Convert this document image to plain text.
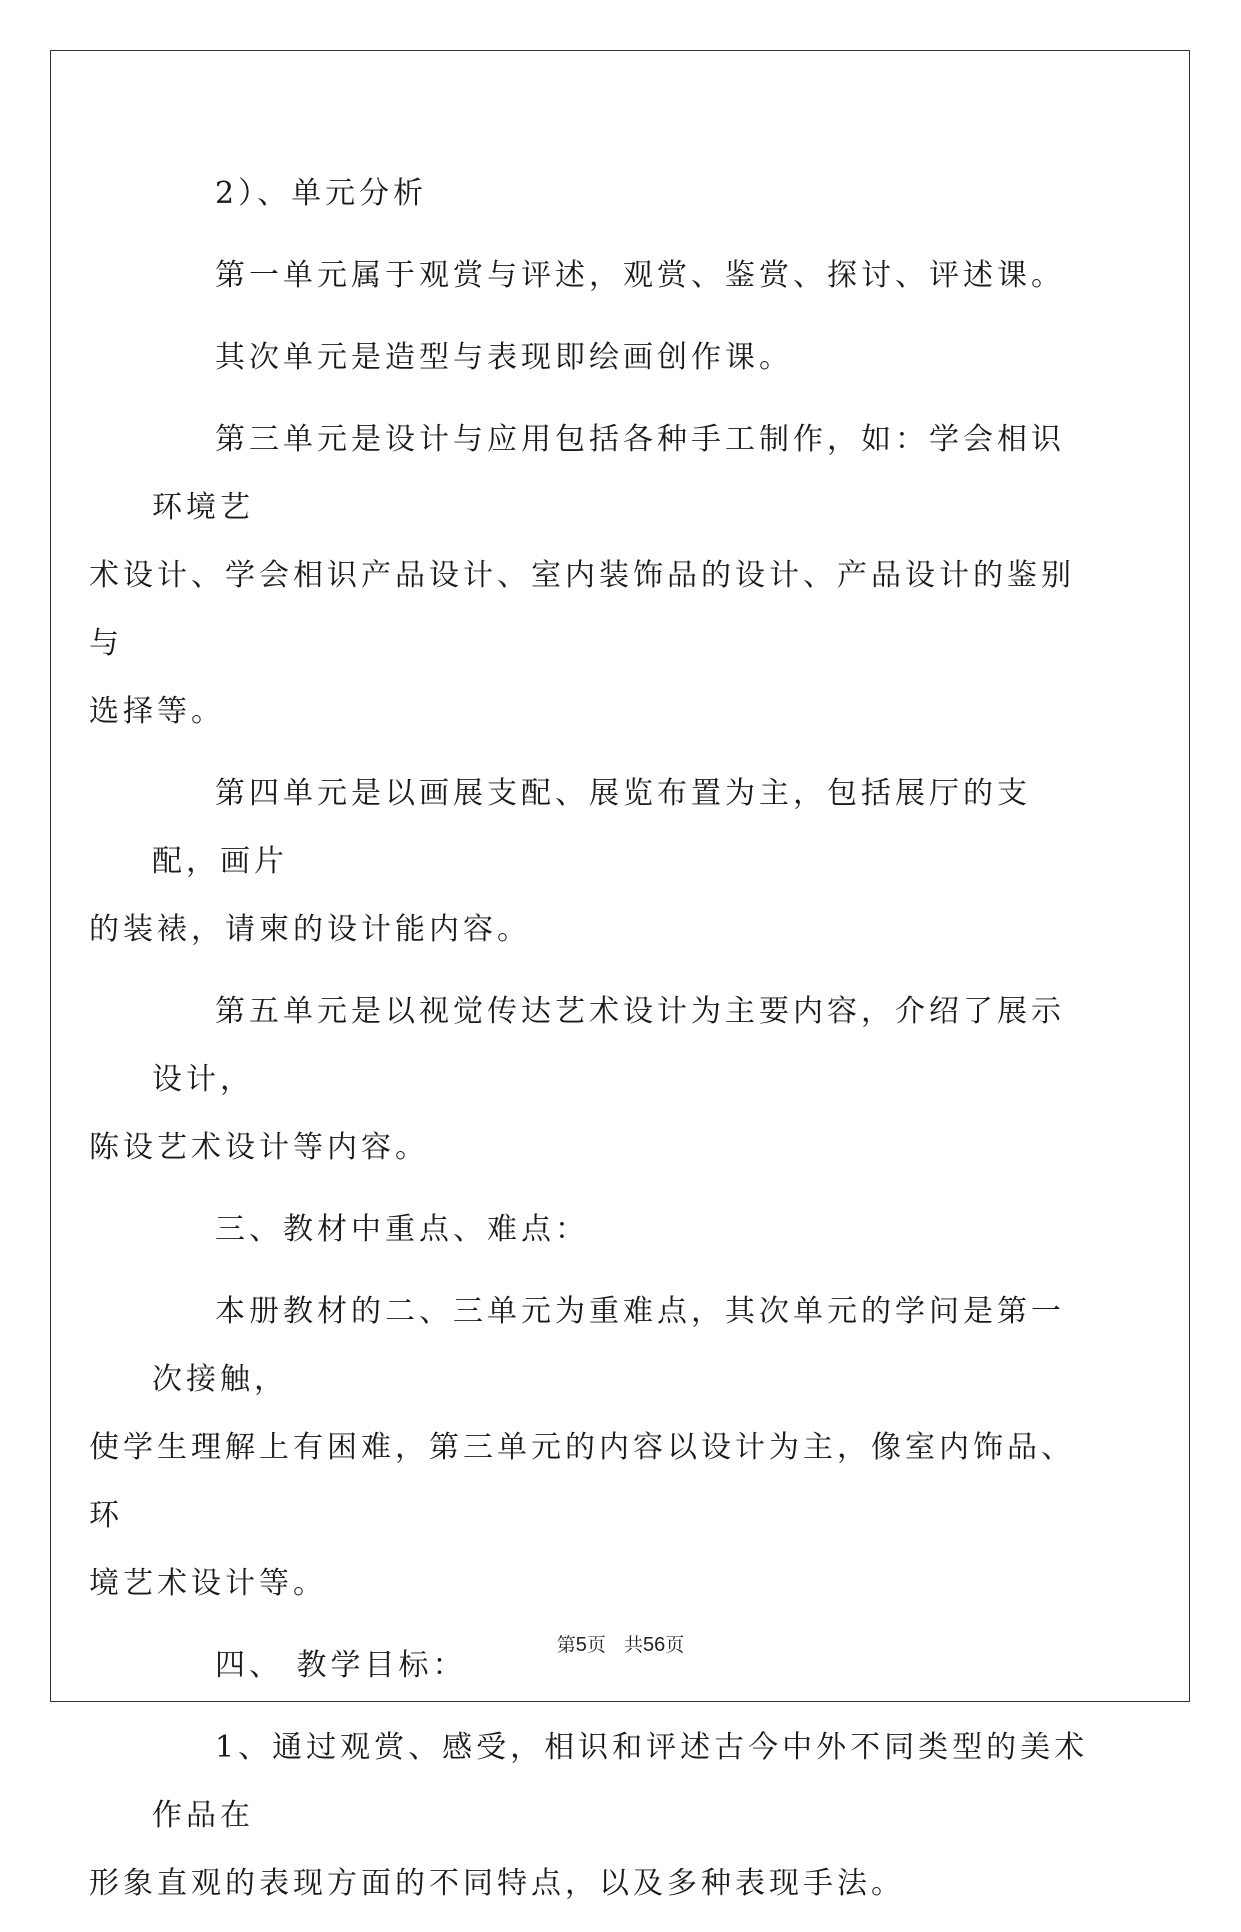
2）、单元分析

第一单元属于观赏与评述，观赏、鉴赏、探讨、评述课。

其次单元是造型与表现即绘画创作课。

第三单元是设计与应用包括各种手工制作，如：学会相识环境艺
术设计、学会相识产品设计、室内装饰品的设计、产品设计的鉴别与
选择等。

第四单元是以画展支配、展览布置为主，包括展厅的支配，画片
的装裱，请柬的设计能内容。

第五单元是以视觉传达艺术设计为主要内容，介绍了展示设计，
陈设艺术设计等内容。

三、教材中重点、难点：

本册教材的二、三单元为重难点，其次单元的学问是第一次接触，
使学生理解上有困难，第三单元的内容以设计为主，像室内饰品、环
境艺术设计等。

四、 教学目标：

1、通过观赏、感受，相识和评述古今中外不同类型的美术作品在
形象直观的表现方面的不同特点，以及多种表现手法。

第5页 共56页
